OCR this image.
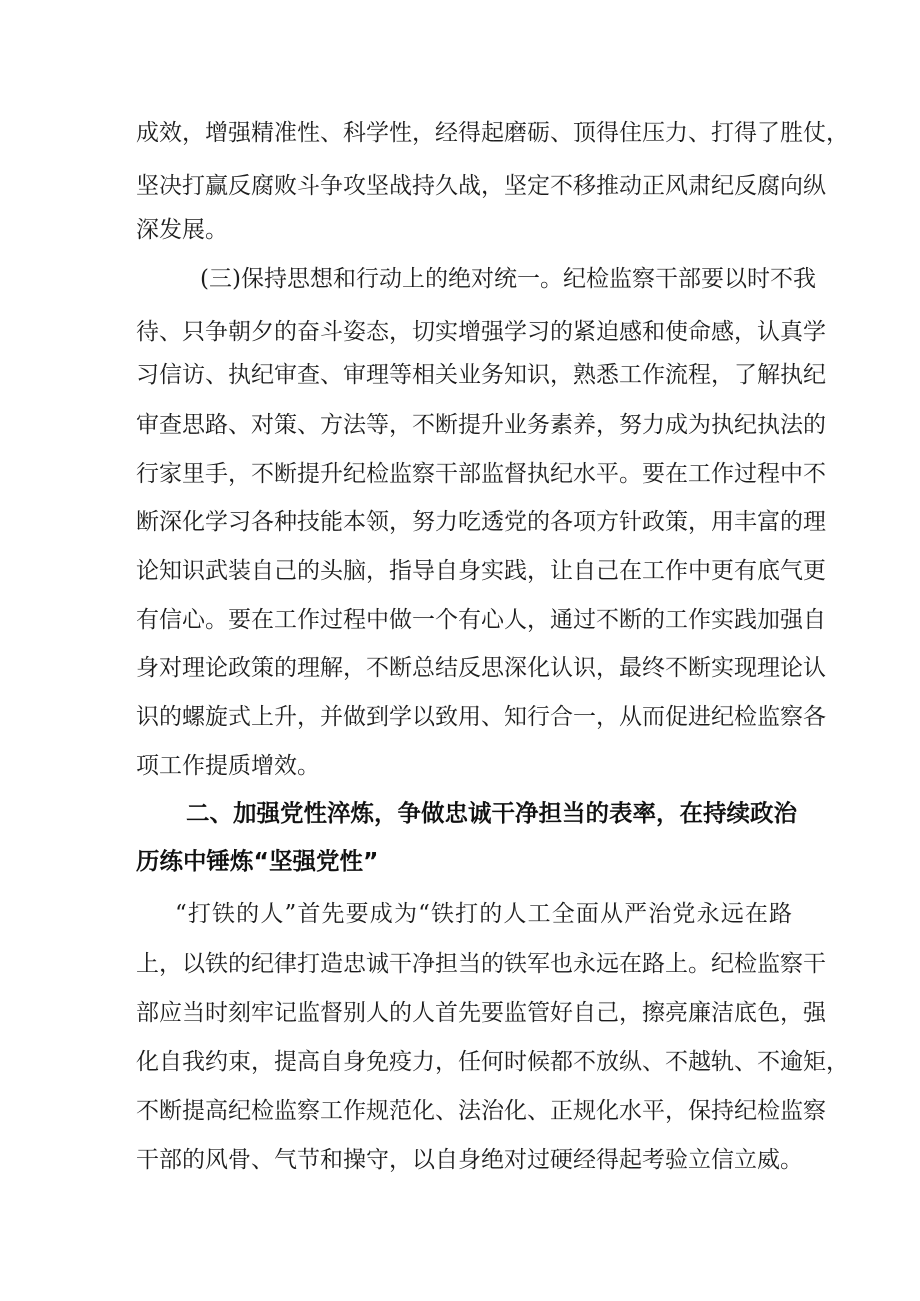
成效，增强精准性、科学性，经得起磨砺、顶得住压力、打得了胜仗，
坚决打赢反腐败斗争攻坚战持久战，坚定不移推动正风肃纪反腐向纵
深发展。
(三)保持思想和行动上的绝对统一。纪检监察干部要以时不我
待、只争朝夕的奋斗姿态，切实增强学习的紧迫感和使命感，认真学
习信访、执纪审查、审理等相关业务知识，熟悉工作流程，了解执纪
审查思路、对策、方法等，不断提升业务素养，努力成为执纪执法的
行家里手，不断提升纪检监察干部监督执纪水平。要在工作过程中不
断深化学习各种技能本领，努力吃透党的各项方针政策，用丰富的理
论知识武装自己的头脑，指导自身实践，让自己在工作中更有底气更
有信心。要在工作过程中做一个有心人，通过不断的工作实践加强自
身对理论政策的理解，不断总结反思深化认识，最终不断实现理论认
识的螺旋式上升，并做到学以致用、知行合一，从而促进纪检监察各
项工作提质增效。
二、加强党性淬炼，争做忠诚干净担当的表率，在持续政治
历练中锤炼“坚强党性”
“打铁的人”首先要成为“铁打的人工全面从严治党永远在路
上，以铁的纪律打造忠诚干净担当的铁军也永远在路上。纪检监察干
部应当时刻牢记监督别人的人首先要监管好自己，擦亮廉洁底色，强
化自我约束，提高自身免疫力，任何时候都不放纵、不越轨、不逾矩，
不断提高纪检监察工作规范化、法治化、正规化水平，保持纪检监察
干部的风骨、气节和操守，以自身绝对过硬经得起考验立信立威。
